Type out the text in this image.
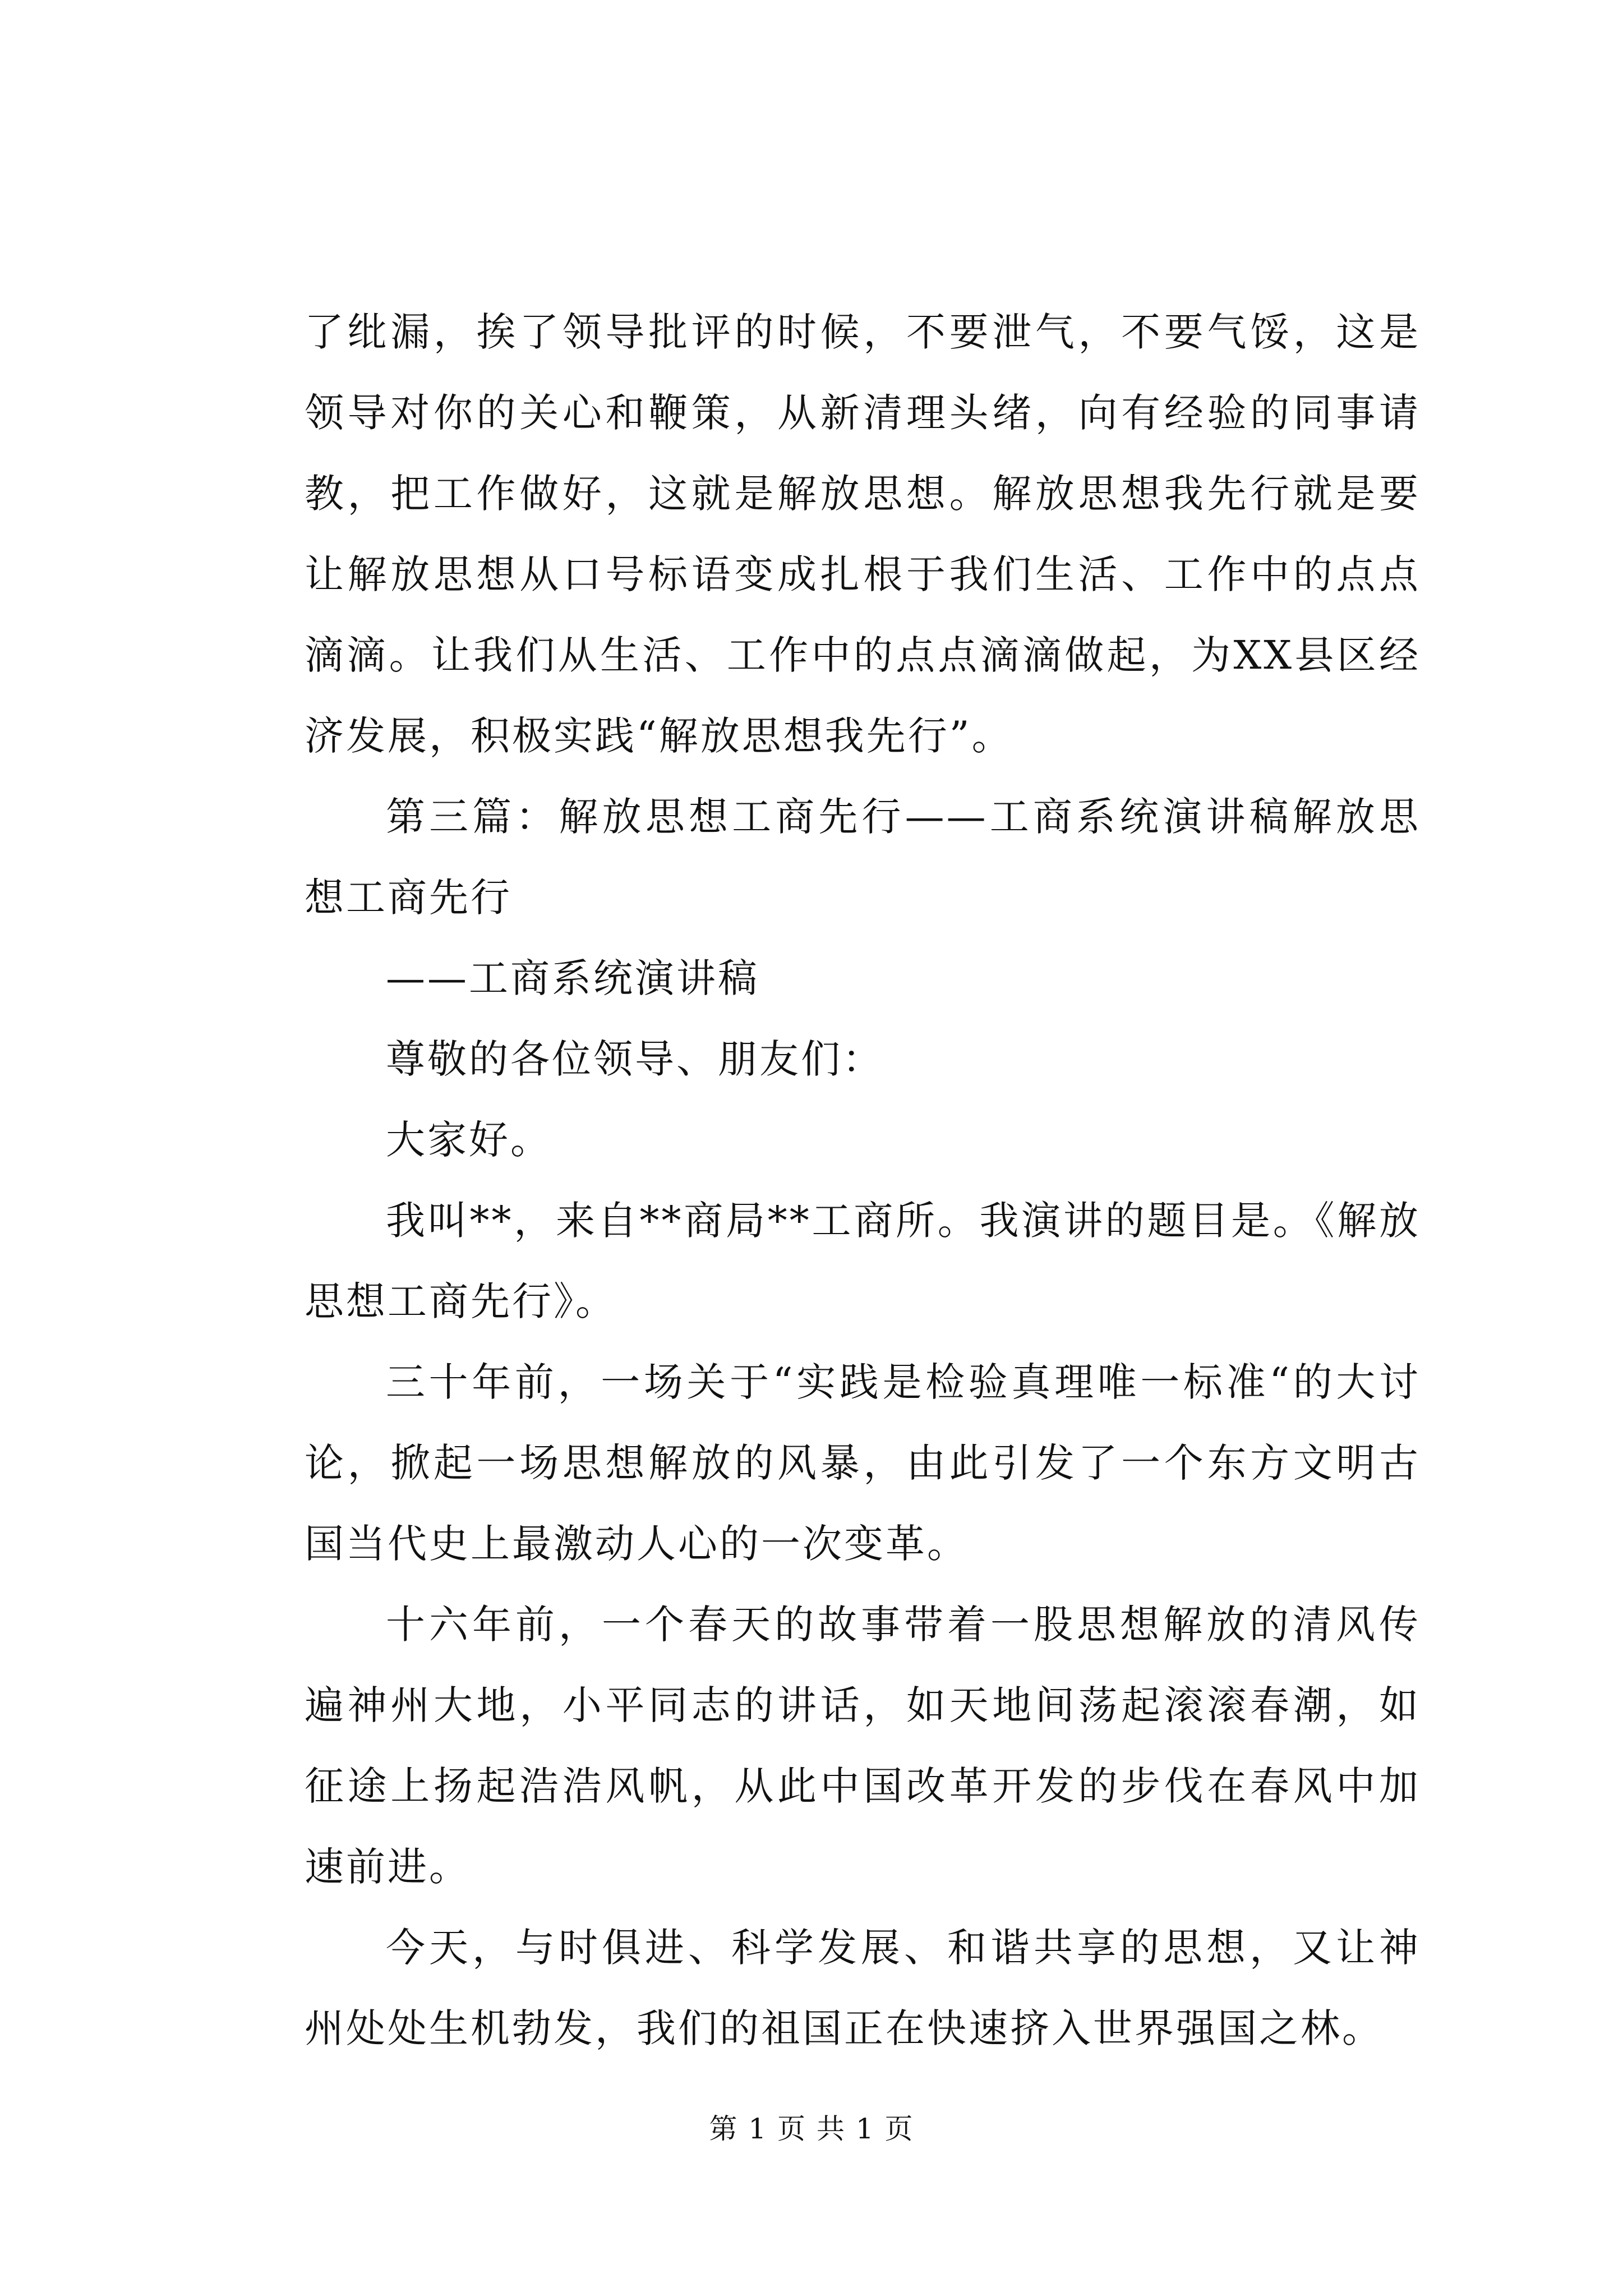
了纰漏，挨了领导批评的时候，不要泄气，不要气馁，这是领导对你的关心和鞭策，从新清理头绪，向有经验的同事请教，把工作做好，这就是解放思想。解放思想我先行就是要让解放思想从口号标语变成扎根于我们生活、工作中的点点滴滴。让我们从生活、工作中的点点滴滴做起，为XX县区经济发展，积极实践“解放思想我先行”。

第三篇：解放思想工商先行——工商系统演讲稿解放思想工商先行

——工商系统演讲稿

尊敬的各位领导、朋友们：

大家好。

我叫**，来自**商局**工商所。我演讲的题目是。《解放思想工商先行》。

三十年前，一场关于“实践是检验真理唯一标准“的大讨论，掀起一场思想解放的风暴，由此引发了一个东方文明古国当代史上最激动人心的一次变革。

十六年前，一个春天的故事带着一股思想解放的清风传遍神州大地，小平同志的讲话，如天地间荡起滚滚春潮，如征途上扬起浩浩风帆，从此中国改革开发的步伐在春风中加速前进。

今天，与时俱进、科学发展、和谐共享的思想，又让神州处处生机勃发，我们的祖国正在快速挤入世界强国之林。

第 1 页 共 1 页
